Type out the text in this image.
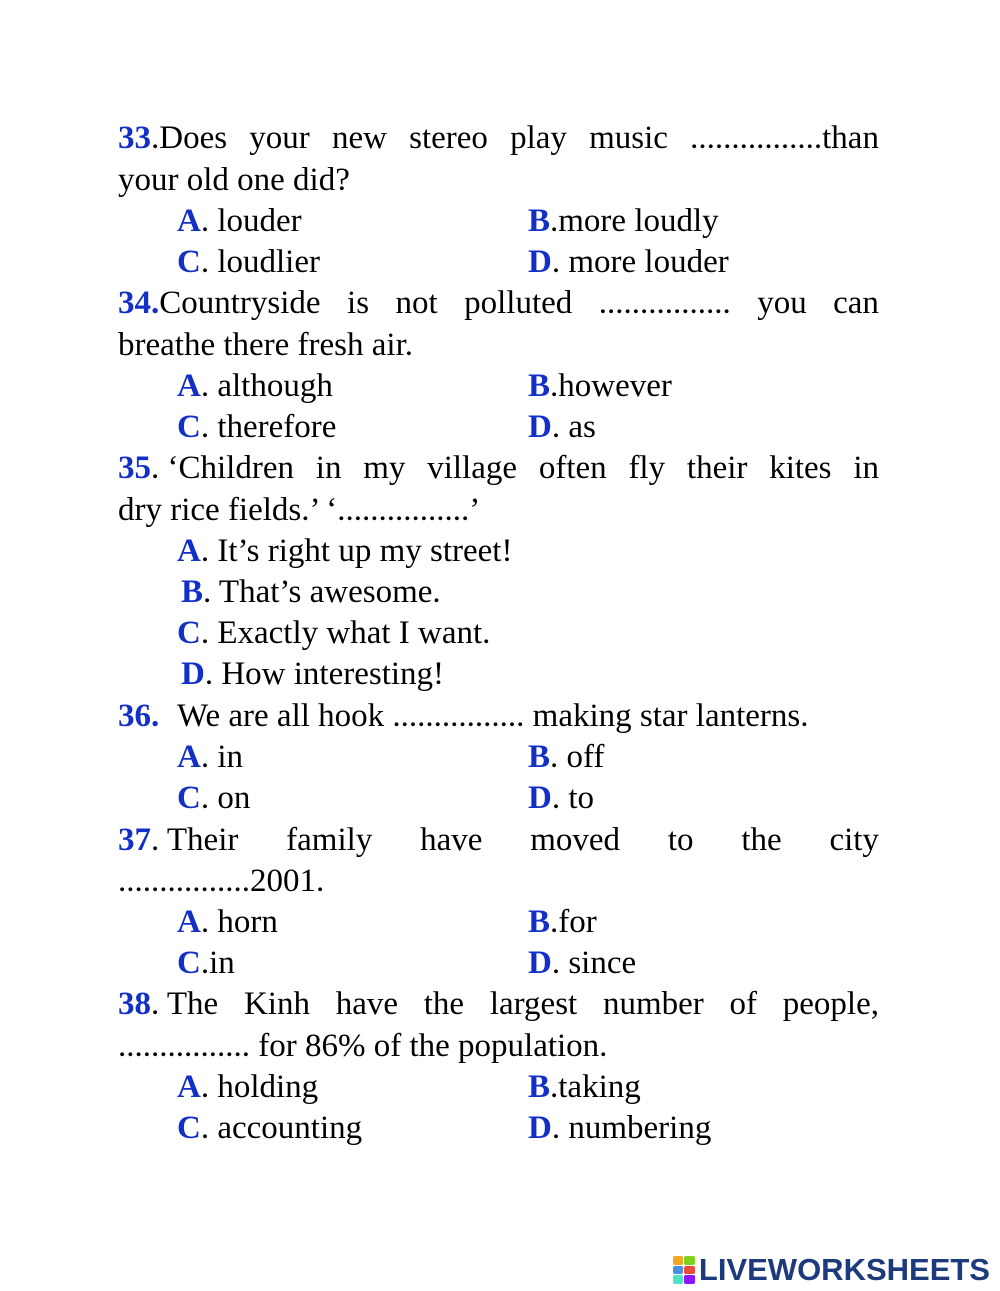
33.Does your new stereo play music ................than
your old one did?
A. louder	B.more loudly
C. loudlier	D. more louder
34.Countryside is not polluted ................ you can
breathe there fresh air.
A. although	B.however
C. therefore	D. as
35. ‘Children in my village often fly their kites in
dry rice fields.’ ‘................’
A. It’s right up my street!
B. That’s awesome.
C. Exactly what I want.
D. How interesting!
36. We are all hook ................ making star lanterns.
A. in	B. off
C. on	D. to
37. Their family have moved to the city
................2001.
A. horn	B.for
C.in	D. since
38. The Kinh have the largest number of people,
................ for 86% of the population.
A. holding	B.taking
C. accounting	D. numbering
LIVEWORKSHEETS
